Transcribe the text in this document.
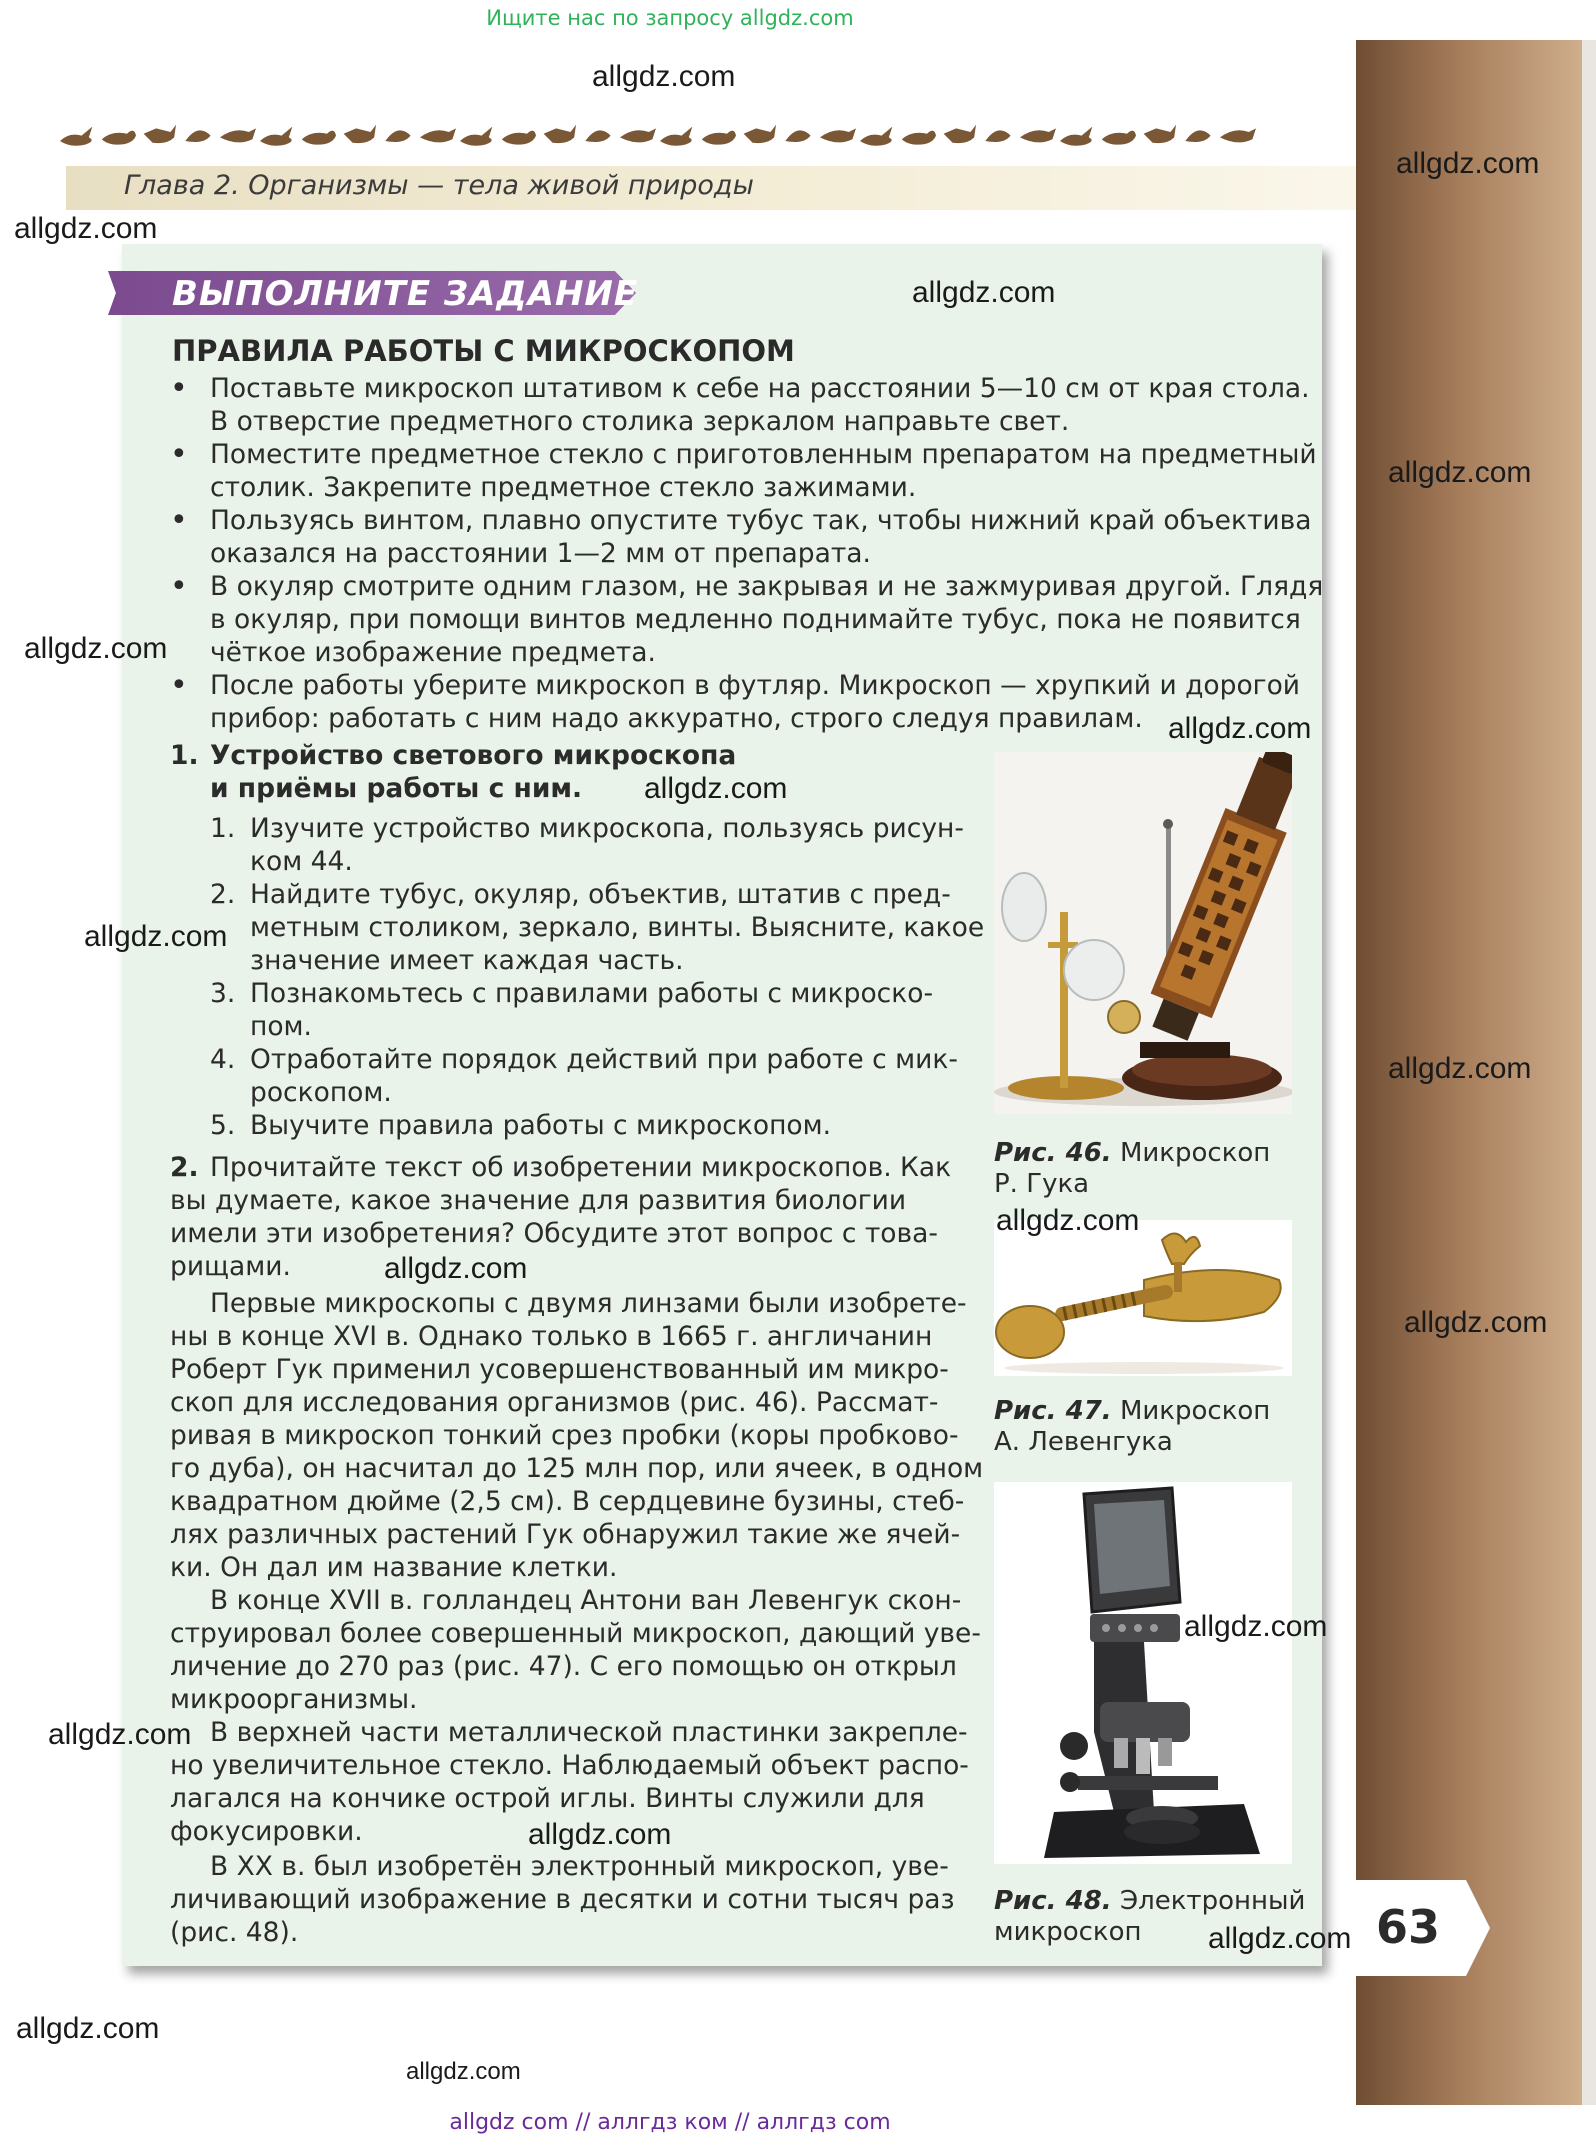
Ищите нас по запросу allgdz.com
Глава 2. Организмы — тела живой природы
ВЫПОЛНИТЕ ЗАДАНИЕ
ПРАВИЛА РАБОТЫ С МИКРОСКОПОМ
• Поставьте микроскоп штативом к себе на расстоянии 5—10 см от края стола.
В отверстие предметного столика зеркалом направьте свет.
• Поместите предметное стекло с приготовленным препаратом на предметный
столик. Закрепите предметное стекло зажимами.
• Пользуясь винтом, плавно опустите тубус так, чтобы нижний край объектива
оказался на расстоянии 1—2 мм от препарата.
• В окуляр смотрите одним глазом, не закрывая и не зажмуривая другой. Глядя
в окуляр, при помощи винтов медленно поднимайте тубус, пока не появится
чёткое изображение предмета.
• После работы уберите микроскоп в футляр. Микроскоп — хрупкий и дорогой
прибор: работать с ним надо аккуратно, строго следуя правилам.
1. Устройство светового микроскопа
и приёмы работы с ним.
1. Изучите устройство микроскопа, пользуясь рисун-
ком 44.
2. Найдите тубус, окуляр, объектив, штатив с пред-
метным столиком, зеркало, винты. Выясните, какое
значение имеет каждая часть.
3. Познакомьтесь с правилами работы с микроско-
пом.
4. Отработайте порядок действий при работе с мик-
роскопом.
5. Выучите правила работы с микроскопом.
2. Прочитайте текст об изобретении микроскопов. Как
вы думаете, какое значение для развития биологии
имели эти изобретения? Обсудите этот вопрос с това-
рищами.
Первые микроскопы с двумя линзами были изобрете-
ны в конце XVI в. Однако только в 1665 г. англичанин
Роберт Гук применил усовершенствованный им микро-
скоп для исследования организмов (рис. 46). Рассмат-
ривая в микроскоп тонкий срез пробки (коры пробково-
го дуба), он насчитал до 125 млн пор, или ячеек, в одном
квадратном дюйме (2,5 см). В сердцевине бузины, стеб-
лях различных растений Гук обнаружил такие же ячей-
ки. Он дал им название клетки.
В конце XVII в. голландец Антони ван Левенгук скон-
струировал более совершенный микроскоп, дающий уве-
личение до 270 раз (рис. 47). С его помощью он открыл
микроорганизмы.
В верхней части металлической пластинки закрепле-
но увеличительное стекло. Наблюдаемый объект распо-
лагался на кончике острой иглы. Винты служили для
фокусировки.
В XX в. был изобретён электронный микроскоп, уве-
личивающий изображение в десятки и сотни тысяч раз
(рис. 48).
Рис. 46. Микроскоп
Р. Гука
Рис. 47. Микроскоп
А. Левенгука
Рис. 48. Электронный
микроскоп	63
allgdz.com
allgdz.com
allgdz.com
allgdz.com
allgdz.com
allgdz.com
allgdz.com
allgdz.com
allgdz.com
allgdz.com
allgdz.com
allgdz.com
allgdz.com
allgdz.com
allgdz.com
allgdz.com
allgdz.com
allgdz.com
allgdz.com
allgdz com // аллгдз ком // аллгдз com
